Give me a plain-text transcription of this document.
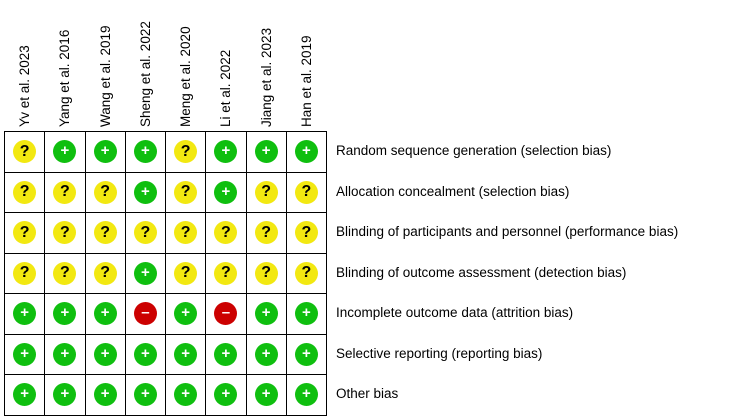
Yv et al. 2023 Yang et al. 2016 Wang et al. 2019 Sheng et al. 2022 Meng et al. 2020 Li et al. 2022 Jiang et al. 2023 Han et al. 2019
? + + + ? + + +
? ? ? + ? + ? ?
? ? ? ? ? ? ? ?
? ? ? + ? ? ? ?
+ + + – + – + +
+ + + + + + + +
+ + + + + + + +
Random sequence generation (selection bias)
Allocation concealment (selection bias)
Blinding of participants and personnel (performance bias)
Blinding of outcome assessment (detection bias)
Incomplete outcome data (attrition bias)
Selective reporting (reporting bias)
Other bias
